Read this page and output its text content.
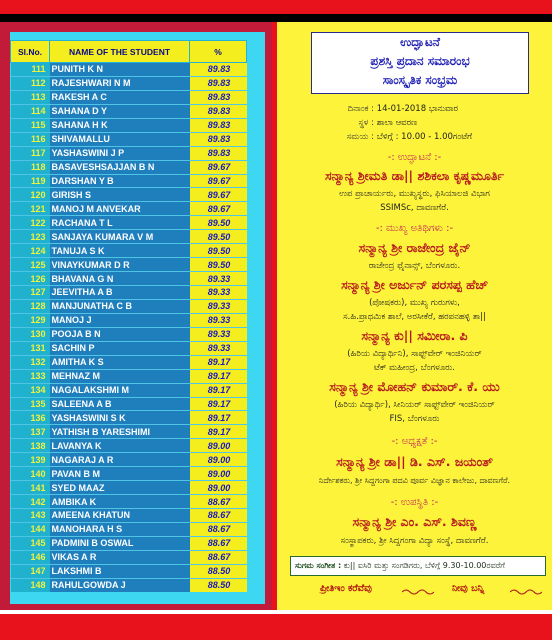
Sl.No.	NAME OF THE STUDENT	%
111	PUNITH K N	89.83
112	RAJESHWARI N M	89.83
113	RAKESH A C	89.83
114	SAHANA D Y	89.83
115	SAHANA H K	89.83
116	SHIVAMALLU	89.83
117	YASHASWINI J P	89.83
118	BASAVESHSAJJAN B N	89.67
119	DARSHAN Y B	89.67
120	GIRISH S	89.67
121	MANOJ M ANVEKAR	89.67
122	RACHANA T L	89.50
123	SANJAYA KUMARA V M	89.50
124	TANUJA S K	89.50
125	VINAYKUMAR D R	89.50
126	BHAVANA G N	89.33
127	JEEVITHA A B	89.33
128	MANJUNATHA C B	89.33
129	MANOJ J	89.33
130	POOJA B N	89.33
131	SACHIN P	89.33
132	AMITHA K S	89.17
133	MEHNAZ M	89.17
134	NAGALAKSHMI M	89.17
135	SALEENA A B	89.17
136	YASHASWINI S K	89.17
137	YATHISH B YARESHIMI	89.17
138	LAVANYA K	89.00
139	NAGARAJ A R	89.00
140	PAVAN B M	89.00
141	SYED MAAZ	89.00
142	AMBIKA K	88.67
143	AMEENA KHATUN	88.67
144	MANOHARA H S	88.67
145	PADMINI B OSWAL	88.67
146	VIKAS A R	88.67
147	LAKSHMI B	88.50
148	RAHULGOWDA J	88.50
ಉದ್ಘಾಟನೆ
ಪ್ರಶಸ್ತಿ ಪ್ರದಾನ ಸಮಾರಂಭ
ಸಾಂಸ್ಕೃತಿಕ ಸಂಭ್ರಮ
ದಿನಾಂಕ : 14-01-2018 ಭಾನುವಾರ
ಸ್ಥಳ : ಶಾಲಾ ಆವರಣ
ಸಮಯ : ಬೆಳಿಗ್ಗೆ : 10.00 - 1.00ಗಂಟೆಗೆ
-: ಉದ್ಘಾಟನೆ :-
ಸನ್ಮಾನ್ಯ ಶ್ರೀಮತಿ ಡಾ|| ಶಶಿಕಲಾ ಕೃಷ್ಣಮೂರ್ತಿ
ಉಪ ಪ್ರಾಚಾರ್ಯರು, ಮುಖ್ಯಸ್ಥರು, ಫಿಸಿಯಾಲಜಿ ವಿಭಾಗ
SSIMSc, ದಾವಣಗೆರೆ.
-: ಮುಖ್ಯ ಅತಿಥಿಗಳು :-
ಸನ್ಮಾನ್ಯ ಶ್ರೀ ರಾಜೇಂದ್ರ ಜೈನ್
ರಾಜೇಂದ್ರ ಫೈನಾನ್ಸ್, ಬೆಂಗಳೂರು.
ಸನ್ಮಾನ್ಯ ಶ್ರೀ ಅರ್ಜುನ್ ಪರಸಪ್ಪ ಹೆಚ್
(ಪೋಷಕರು), ಮುಖ್ಯ ಗುರುಗಳು,
ಸ.ಹಿ.ಪ್ರಾಥಮಿಕ ಶಾಲೆ, ಅರಸೀಕೆರೆ, ಹರಪನಹಳ್ಳಿ ತಾ||
ಸನ್ಮಾನ್ಯ ಕು|| ಸಮೀರಾ. ಪಿ
(ಹಿರಿಯ ವಿದ್ಯಾರ್ಥಿನಿ), ಸಾಫ್ಟ್‌ವೇರ್ ಇಂಜಿನಿಯರ್
ಟೆಕ್ ಮಹೀಂದ್ರ, ಬೆಂಗಳೂರು.
ಸನ್ಮಾನ್ಯ ಶ್ರೀ ಮೋಹನ್ ಕುಮಾರ್. ಕೆ. ಯು
(ಹಿರಿಯ ವಿದ್ಯಾರ್ಥಿ), ಸೀನಿಯರ್ ಸಾಫ್ಟ್‌ವೇರ್ ಇಂಜಿನಿಯರ್
FIS, ಬೆಂಗಳೂರು
-: ಅಧ್ಯಕ್ಷತೆ :-
ಸನ್ಮಾನ್ಯ ಶ್ರೀ ಡಾ|| ಡಿ. ಎಸ್. ಜಯಂತ್
ನಿರ್ದೇಶಕರು, ಶ್ರೀ ಸಿದ್ದಗಂಗಾ ಪದವಿ ಪೂರ್ವ ವಿಜ್ಞಾನ ಕಾಲೇಜು, ದಾವಣಗೆರೆ.
-: ಉಪಸ್ಥಿತಿ :-
ಸನ್ಮಾನ್ಯ ಶ್ರೀ ಎಂ. ಎಸ್. ಶಿವಣ್ಣ
ಸಂಸ್ಥಾಪಕರು, ಶ್ರೀ ಸಿದ್ದಗಂಗಾ ವಿದ್ಯಾ ಸಂಸ್ಥೆ, ದಾವಣಗೆರೆ.
ಸುಗಮ ಸಂಗೀತ : ಕು|| ಐಸಿರಿ ಮತ್ತು ಸಂಗಡಿಗರು, ಬೆಳಿಗ್ಗೆ 9.30-10.00ರವರೆಗೆ
ಪ್ರೀತಿಇಂ ಕರೆವೆವು	ನೀವು ಬನ್ನಿ
